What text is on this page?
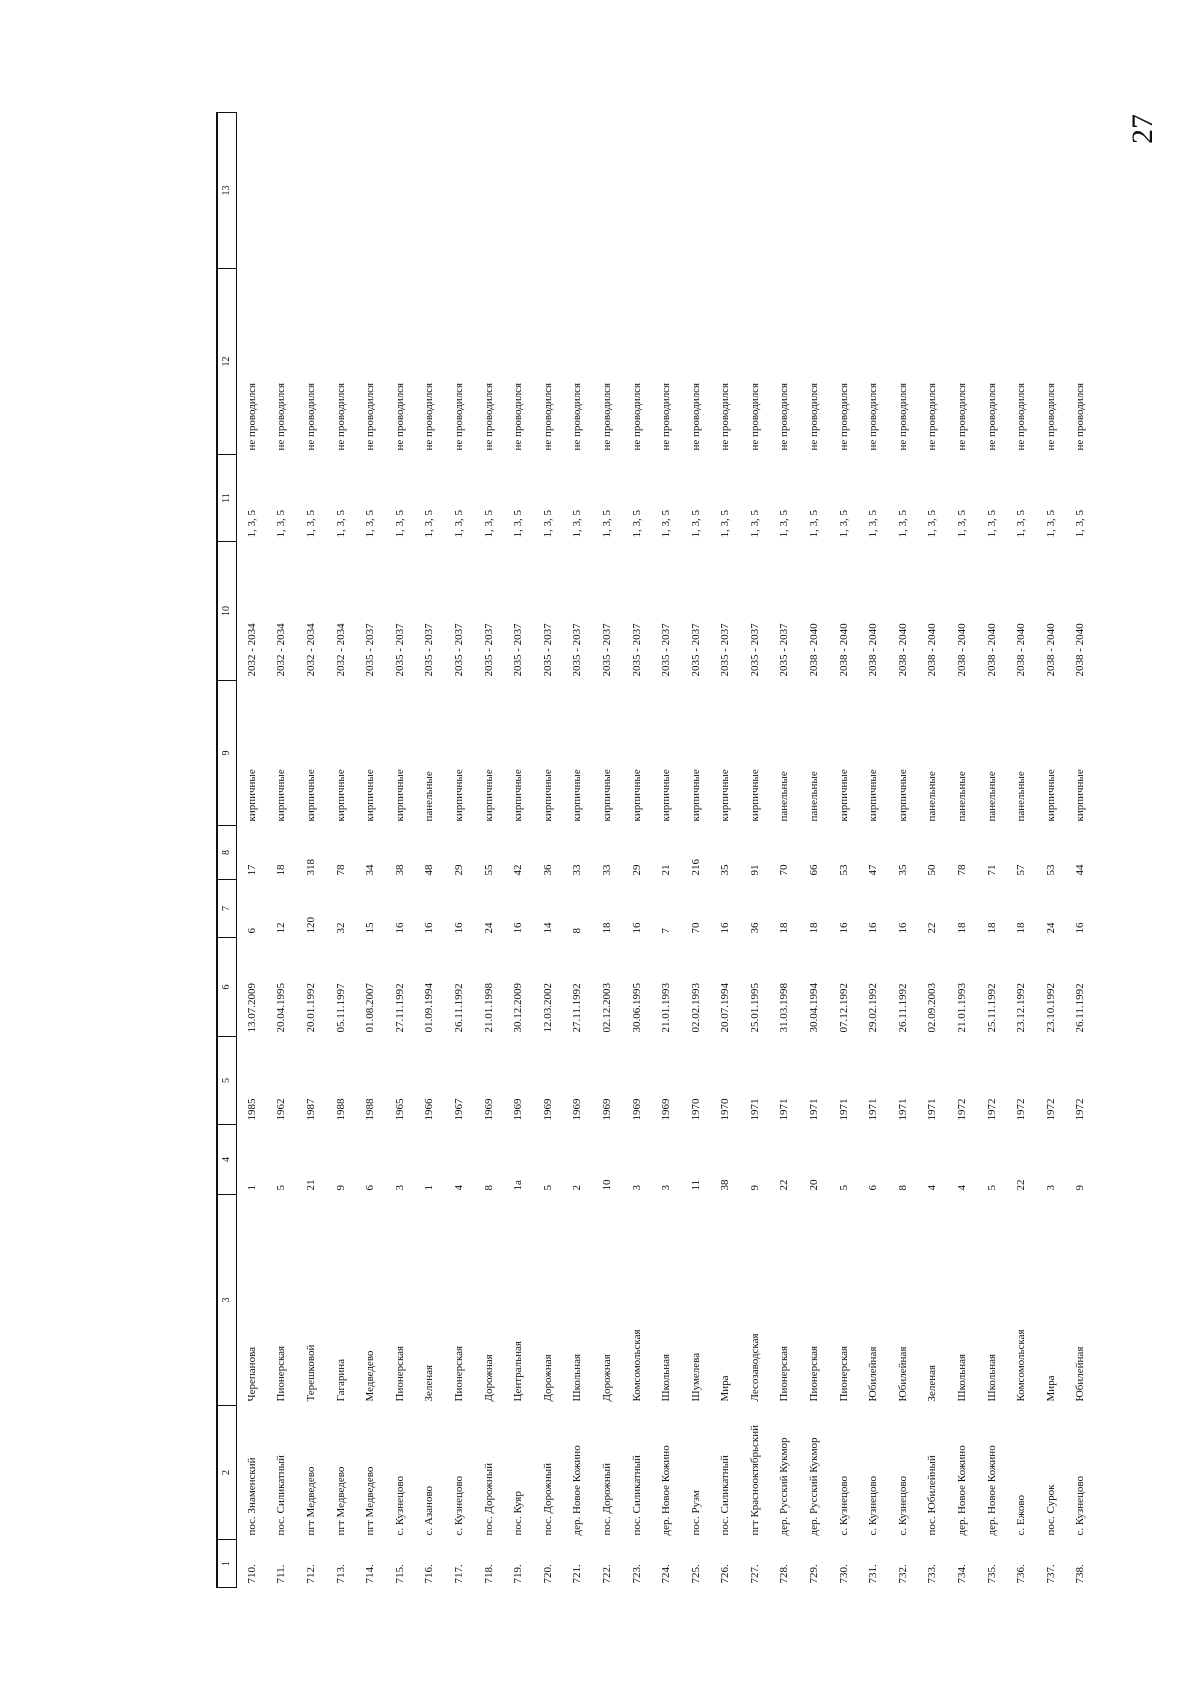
27
1	2	3	4	5	6	7	8	9	10	11	12	13
710.	пос. Знаменский	Черепанова	1	1985	13.07.2009	6	17	кирпичные	2032 - 2034	1, 3, 5	не проводился	
711.	пос. Силикатный	Пионерская	5	1962	20.04.1995	12	18	кирпичные	2032 - 2034	1, 3, 5	не проводился	
712.	пгт Медведево	Терешковой	21	1987	20.01.1992	120	318	кирпичные	2032 - 2034	1, 3, 5	не проводился	
713.	пгт Медведево	Гагарина	9	1988	05.11.1997	32	78	кирпичные	2032 - 2034	1, 3, 5	не проводился	
714.	пгт Медведево	Медведево	6	1988	01.08.2007	15	34	кирпичные	2035 - 2037	1, 3, 5	не проводился	
715.	с. Кузнецово	Пионерская	3	1965	27.11.1992	16	38	кирпичные	2035 - 2037	1, 3, 5	не проводился	
716.	с. Азаново	Зеленая	1	1966	01.09.1994	16	48	панельные	2035 - 2037	1, 3, 5	не проводился	
717.	с. Кузнецово	Пионерская	4	1967	26.11.1992	16	29	кирпичные	2035 - 2037	1, 3, 5	не проводился	
718.	пос. Дорожный	Дорожная	8	1969	21.01.1998	24	55	кирпичные	2035 - 2037	1, 3, 5	не проводился	
719.	пос. Куяр	Центральная	1а	1969	30.12.2009	16	42	кирпичные	2035 - 2037	1, 3, 5	не проводился	
720.	пос. Дорожный	Дорожная	5	1969	12.03.2002	14	36	кирпичные	2035 - 2037	1, 3, 5	не проводился	
721.	дер. Новое Кожино	Школьная	2	1969	27.11.1992	8	33	кирпичные	2035 - 2037	1, 3, 5	не проводился	
722.	пос. Дорожный	Дорожная	10	1969	02.12.2003	18	33	кирпичные	2035 - 2037	1, 3, 5	не проводился	
723.	пос. Силикатный	Комсомольская	3	1969	30.06.1995	16	29	кирпичные	2035 - 2037	1, 3, 5	не проводился	
724.	дер. Новое Кожино	Школьная	3	1969	21.01.1993	7	21	кирпичные	2035 - 2037	1, 3, 5	не проводился	
725.	пос. Руэм	Шумелева	11	1970	02.02.1993	70	216	кирпичные	2035 - 2037	1, 3, 5	не проводился	
726.	пос. Силикатный	Мира	38	1970	20.07.1994	16	35	кирпичные	2035 - 2037	1, 3, 5	не проводился	
727.	пгт Краснооктябрьский	Лесозаводская	9	1971	25.01.1995	36	91	кирпичные	2035 - 2037	1, 3, 5	не проводился	
728.	дер. Русский Кукмор	Пионерская	22	1971	31.03.1998	18	70	панельные	2035 - 2037	1, 3, 5	не проводился	
729.	дер. Русский Кукмор	Пионерская	20	1971	30.04.1994	18	66	панельные	2038 - 2040	1, 3, 5	не проводился	
730.	с. Кузнецово	Пионерская	5	1971	07.12.1992	16	53	кирпичные	2038 - 2040	1, 3, 5	не проводился	
731.	с. Кузнецово	Юбилейная	6	1971	29.02.1992	16	47	кирпичные	2038 - 2040	1, 3, 5	не проводился	
732.	с. Кузнецово	Юбилейная	8	1971	26.11.1992	16	35	кирпичные	2038 - 2040	1, 3, 5	не проводился	
733.	пос. Юбилейный	Зеленая	4	1971	02.09.2003	22	50	панельные	2038 - 2040	1, 3, 5	не проводился	
734.	дер. Новое Кожино	Школьная	4	1972	21.01.1993	18	78	панельные	2038 - 2040	1, 3, 5	не проводился	
735.	дер. Новое Кожино	Школьная	5	1972	25.11.1992	18	71	панельные	2038 - 2040	1, 3, 5	не проводился	
736.	с. Ежово	Комсомольская	22	1972	23.12.1992	18	57	панельные	2038 - 2040	1, 3, 5	не проводился	
737.	пос. Сурок	Мира	3	1972	23.10.1992	24	53	кирпичные	2038 - 2040	1, 3, 5	не проводился	
738.	с. Кузнецово	Юбилейная	9	1972	26.11.1992	16	44	кирпичные	2038 - 2040	1, 3, 5	не проводился	
